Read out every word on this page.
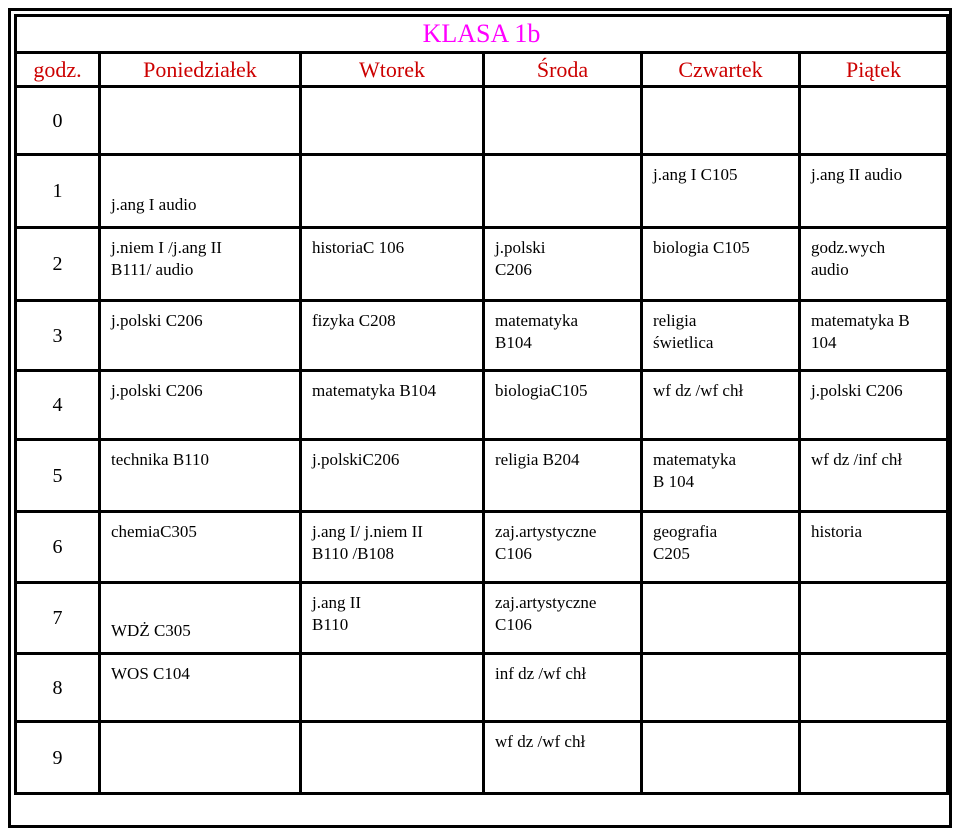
KLASA 1b					
godz.	Poniedziałek	Wtorek	Środa	Czwartek	Piątek
0					
1	j.ang I audio			j.ang I C105	j.ang II audio
2	j.niem I /j.ang II
B111/ audio	historiaC 106	j.polski
C206	biologia C105	godz.wych
audio
3	j.polski C206	fizyka C208	matematyka
B104	religia
świetlica	matematyka B
104
4	j.polski C206	matematyka B104	biologiaC105	wf dz /wf chł	j.polski C206
5	technika B110	j.polskiC206	religia B204	matematyka
B 104	wf dz /inf chł
6	chemiaC305	j.ang I/ j.niem II
B110 /B108	zaj.artystyczne
C106	geografia
C205	historia
7	WDŻ C305	j.ang II
B110	zaj.artystyczne
C106		
8	WOS C104		inf dz /wf chł		
9			wf dz /wf chł		
